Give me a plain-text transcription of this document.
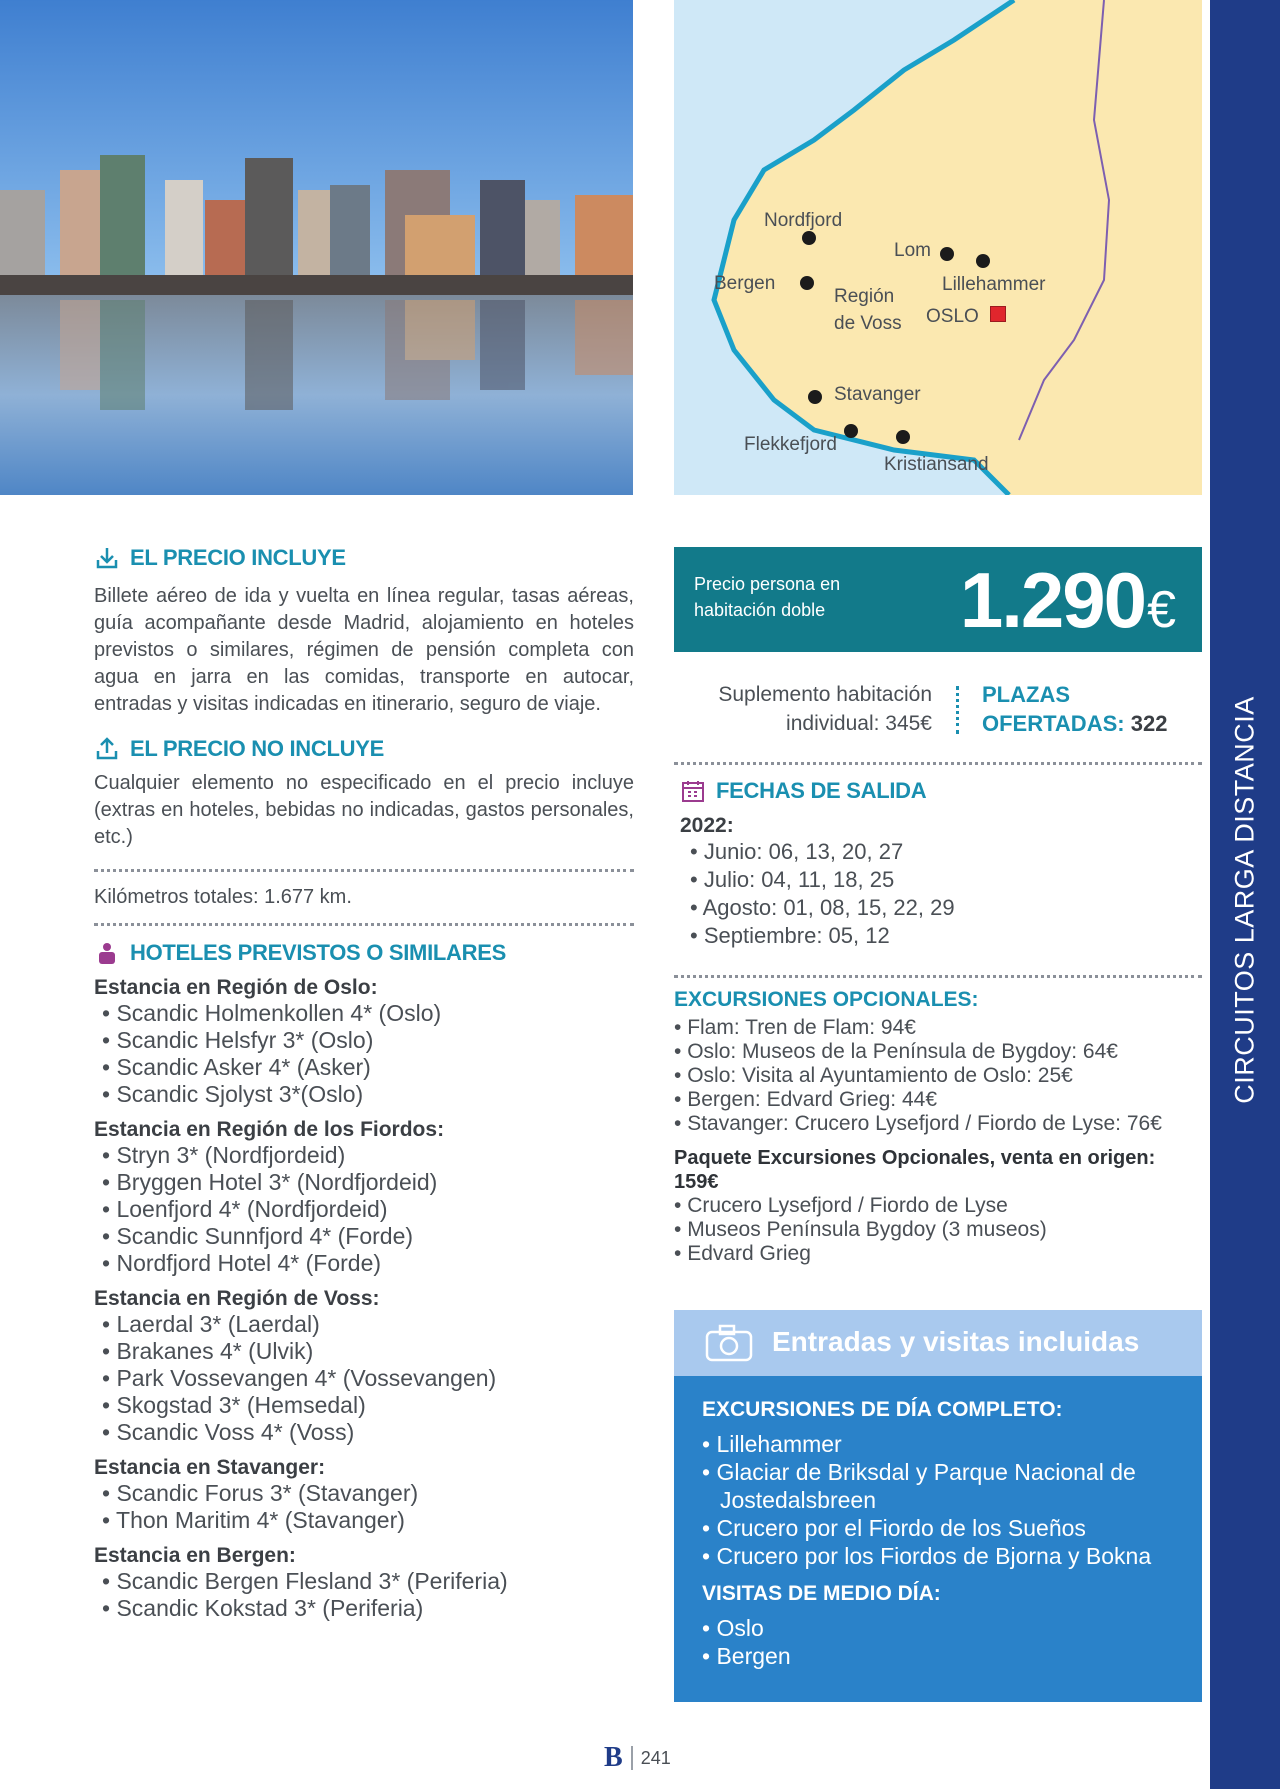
Nordfjord
Lom
Bergen	Lillehammer
Región
de Voss OSLO
Stavanger
Flekkefjord
Kristiansand
CIRCUITOS LARGA DISTANCIA
EL PRECIO INCLUYE

Billete aéreo de ida y vuelta en línea regular, tasas aéreas, guía acompañante desde Madrid, alojamiento en hoteles previstos o similares, régimen de pensión completa con agua en jarra en las comidas, transporte en autocar, entradas y visitas indicadas en itinerario, seguro de viaje.

EL PRECIO NO INCLUYE

Cualquier elemento no especificado en el precio incluye (extras en hoteles, bebidas no indicadas, gastos personales, etc.)

Kilómetros totales: 1.677 km.
HOTELES PREVISTOS O SIMILARES
Estancia en Región de Oslo:
• Scandic Holmenkollen 4* (Oslo)
• Scandic Helsfyr 3* (Oslo)
• Scandic Asker 4* (Asker)
• Scandic Sjolyst 3*(Oslo)
Estancia en Región de los Fiordos:
• Stryn 3* (Nordfjordeid)
• Bryggen Hotel 3* (Nordfjordeid)
• Loenfjord 4* (Nordfjordeid)
• Scandic Sunnfjord 4* (Forde)
• Nordfjord Hotel 4* (Forde)
Estancia en Región de Voss:
• Laerdal 3* (Laerdal)
• Brakanes 4* (Ulvik)
• Park Vossevangen 4* (Vossevangen)
• Skogstad 3* (Hemsedal)
• Scandic Voss 4* (Voss)
Estancia en Stavanger:
• Scandic Forus 3* (Stavanger)
• Thon Maritim 4* (Stavanger)
Estancia en Bergen:
• Scandic Bergen Flesland 3* (Periferia)
• Scandic Kokstad 3* (Periferia)
Precio persona en
habitación doble 1.290€
Suplemento habitación
individual: 345€
PLAZAS
OFERTADAS: 322
FECHAS DE SALIDA
2022:
• Junio: 06, 13, 20, 27
• Julio: 04, 11, 18, 25
• Agosto: 01, 08, 15, 22, 29
• Septiembre: 05, 12
EXCURSIONES OPCIONALES:
• Flam: Tren de Flam: 94€
• Oslo: Museos de la Península de Bygdoy: 64€
• Oslo: Visita al Ayuntamiento de Oslo: 25€
• Bergen: Edvard Grieg: 44€
• Stavanger: Crucero Lysefjord / Fiordo de Lyse: 76€
Paquete Excursiones Opcionales, venta en origen: 159€
• Crucero Lysefjord / Fiordo de Lyse
• Museos Península Bygdoy (3 museos)
• Edvard Grieg
Entradas y visitas incluidas
EXCURSIONES DE DÍA COMPLETO:
• Lillehammer
• Glaciar de Briksdal y Parque Nacional de Jostedalsbreen
• Crucero por el Fiordo de los Sueños
• Crucero por los Fiordos de Bjorna y Bokna
VISITAS DE MEDIO DÍA:
• Oslo
• Bergen
B 241
